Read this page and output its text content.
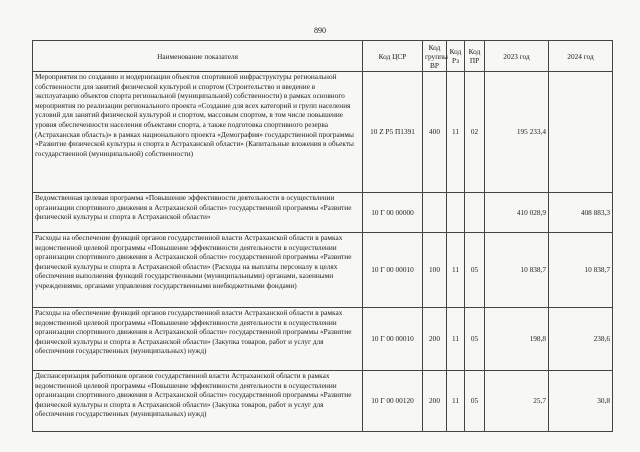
890
Наименование показателя	Код ЦСР	Код группы ВР	Код Рз	Код ПР	2023 год	2024 год
Мероприятия по созданию и модернизации объектов спортивной инфраструктуры региональной собственности для занятий физической культурой и спортом (Строительство и введение в эксплуатацию объектов спорта региональной (муниципальной) собственности) в рамках основного мероприятия по реализации регионального проекта «Создание для всех категорий и групп населения условий для занятий физической культурой и спортом, массовым спортом, в том числе повышение уровня обеспеченности населения объектами спорта, а также подготовка спортивного резерва (Астраханская область)» в рамках национального проекта «Демография» государственной программы «Развитие физической культуры и спорта в Астраханской области» (Капитальные вложения в объекты государственной (муниципальной) собственности)	10 Z P5 П1391	400	11	02	195 233,4	
Ведомственная целевая программа «Повышение эффективности деятельности в осуществлении организации спортивного движения в Астраханской области» государственной программы «Развитие физической культуры и спорта в Астраханской области»	10 Г 00 00000				410 028,9	408 883,3
Расходы на обеспечение функций органов государственной власти Астраханской области в рамках ведомственной целевой программы «Повышение эффективности деятельности в осуществлении организации спортивного движения в Астраханской области» государственной программы «Развитие физической культуры и спорта в Астраханской области» (Расходы на выплаты персоналу в целях обеспечения выполнения функций государственными (муниципальными) органами, казенными учреждениями, органами управления государственными внебюджетными фондами)	10 Г 00 00010	100	11	05	10 838,7	10 838,7
Расходы на обеспечение функций органов государственной власти Астраханской области в рамках ведомственной целевой программы «Повышение эффективности деятельности в осуществлении организации спортивного движения в Астраханской области» государственной программы «Развитие физической культуры и спорта в Астраханской области» (Закупка товаров, работ и услуг для обеспечения государственных (муниципальных) нужд)	10 Г 00 00010	200	11	05	198,8	238,6
Диспансеризация работников органов государственной власти Астраханской области в рамках ведомственной целевой программы «Повышение эффективности деятельности в осуществлении организации спортивного движения в Астраханской области» государственной программы «Развитие физической культуры и спорта в Астраханской области» (Закупка товаров, работ и услуг для обеспечения государственных (муниципальных) нужд)	10 Г 00 00120	200	11	05	25,7	30,8
